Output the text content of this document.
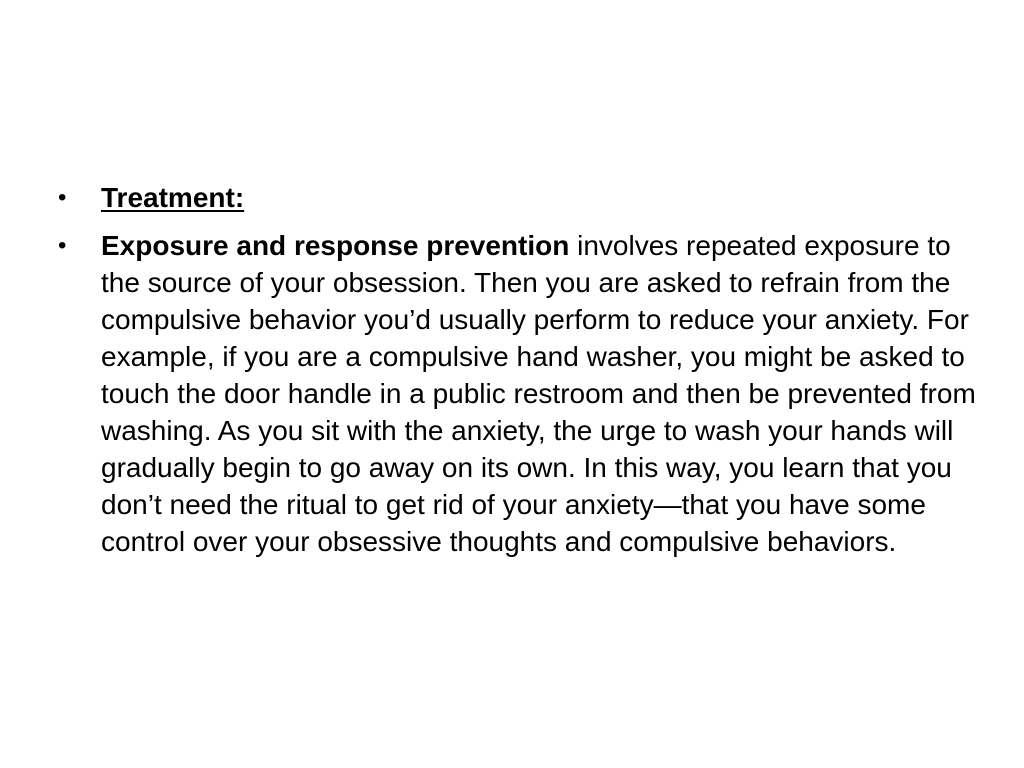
•	Treatment:
•	Exposure and response prevention involves repeated exposure to the source of your obsession. Then you are asked to refrain from the compulsive behavior you’d usually perform to reduce your anxiety. For example, if you are a compulsive hand washer, you might be asked to touch the door handle in a public restroom and then be prevented from washing. As you sit with the anxiety, the urge to wash your hands will gradually begin to go away on its own. In this way, you learn that you don’t need the ritual to get rid of your anxiety—that you have some control over your obsessive thoughts and compulsive behaviors.
